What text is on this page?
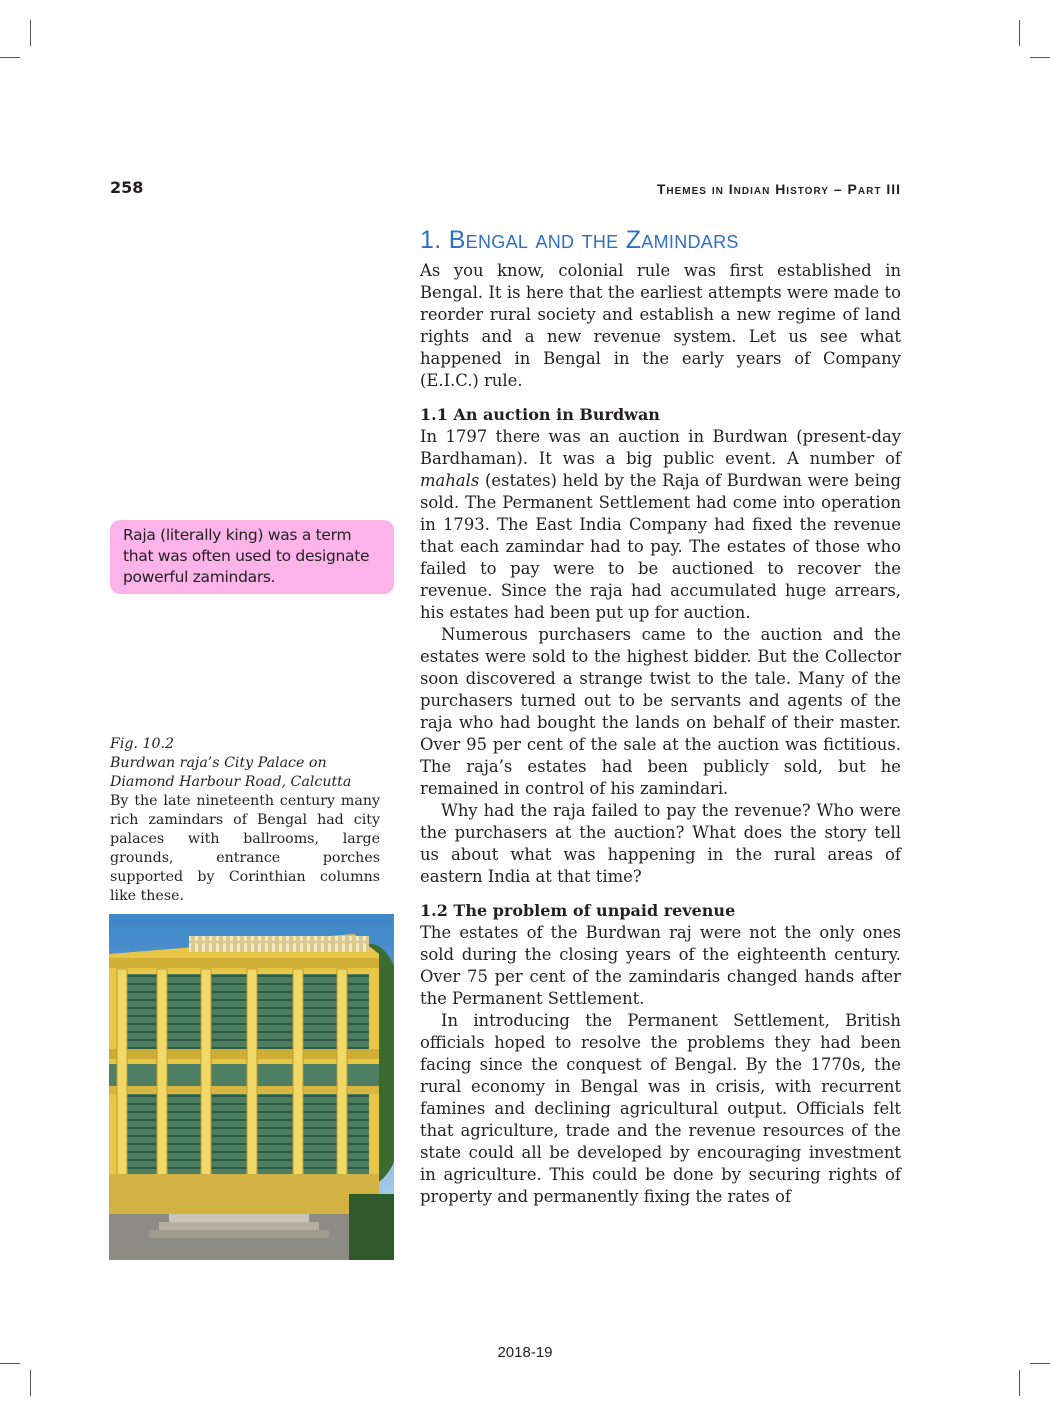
258	Themes in Indian History – Part III
1. Bengal and the Zamindars

As you know, colonial rule was first established in Bengal. It is here that the earliest attempts were made to reorder rural society and establish a new regime of land rights and a new revenue system. Let us see what happened in Bengal in the early years of Company (E.I.C.) rule.

1.1 An auction in Burdwan

In 1797 there was an auction in Burdwan (present-day Bardhaman). It was a big public event. A number of mahals (estates) held by the Raja of Burdwan were being sold. The Permanent Settlement had come into operation in 1793. The East India Company had fixed the revenue that each zamindar had to pay. The estates of those who failed to pay were to be auctioned to recover the revenue. Since the raja had accumulated huge arrears, his estates had been put up for auction.

Numerous purchasers came to the auction and the estates were sold to the highest bidder. But the Collector soon discovered a strange twist to the tale. Many of the purchasers turned out to be servants and agents of the raja who had bought the lands on behalf of their master. Over 95 per cent of the sale at the auction was fictitious. The raja’s estates had been publicly sold, but he remained in control of his zamindari.

Why had the raja failed to pay the revenue? Who were the purchasers at the auction? What does the story tell us about what was happening in the rural areas of eastern India at that time?

1.2 The problem of unpaid revenue

The estates of the Burdwan raj were not the only ones sold during the closing years of the eighteenth century. Over 75 per cent of the zamindaris changed hands after the Permanent Settlement.

In introducing the Permanent Settlement, British officials hoped to resolve the problems they had been facing since the conquest of Bengal. By the 1770s, the rural economy in Bengal was in crisis, with recurrent famines and declining agricultural output. Officials felt that agriculture, trade and the revenue resources of the state could all be developed by encouraging investment in agriculture. This could be done by securing rights of property and permanently fixing the rates of

Raja (literally king) was a term that was often used to designate powerful zamindars.
Fig. 10.2
Burdwan raja’s City Palace on Diamond Harbour Road, Calcutta
By the late nineteenth century many rich zamindars of Bengal had city palaces with ballrooms, large grounds, entrance porches supported by Corinthian columns like these.
2018-19
